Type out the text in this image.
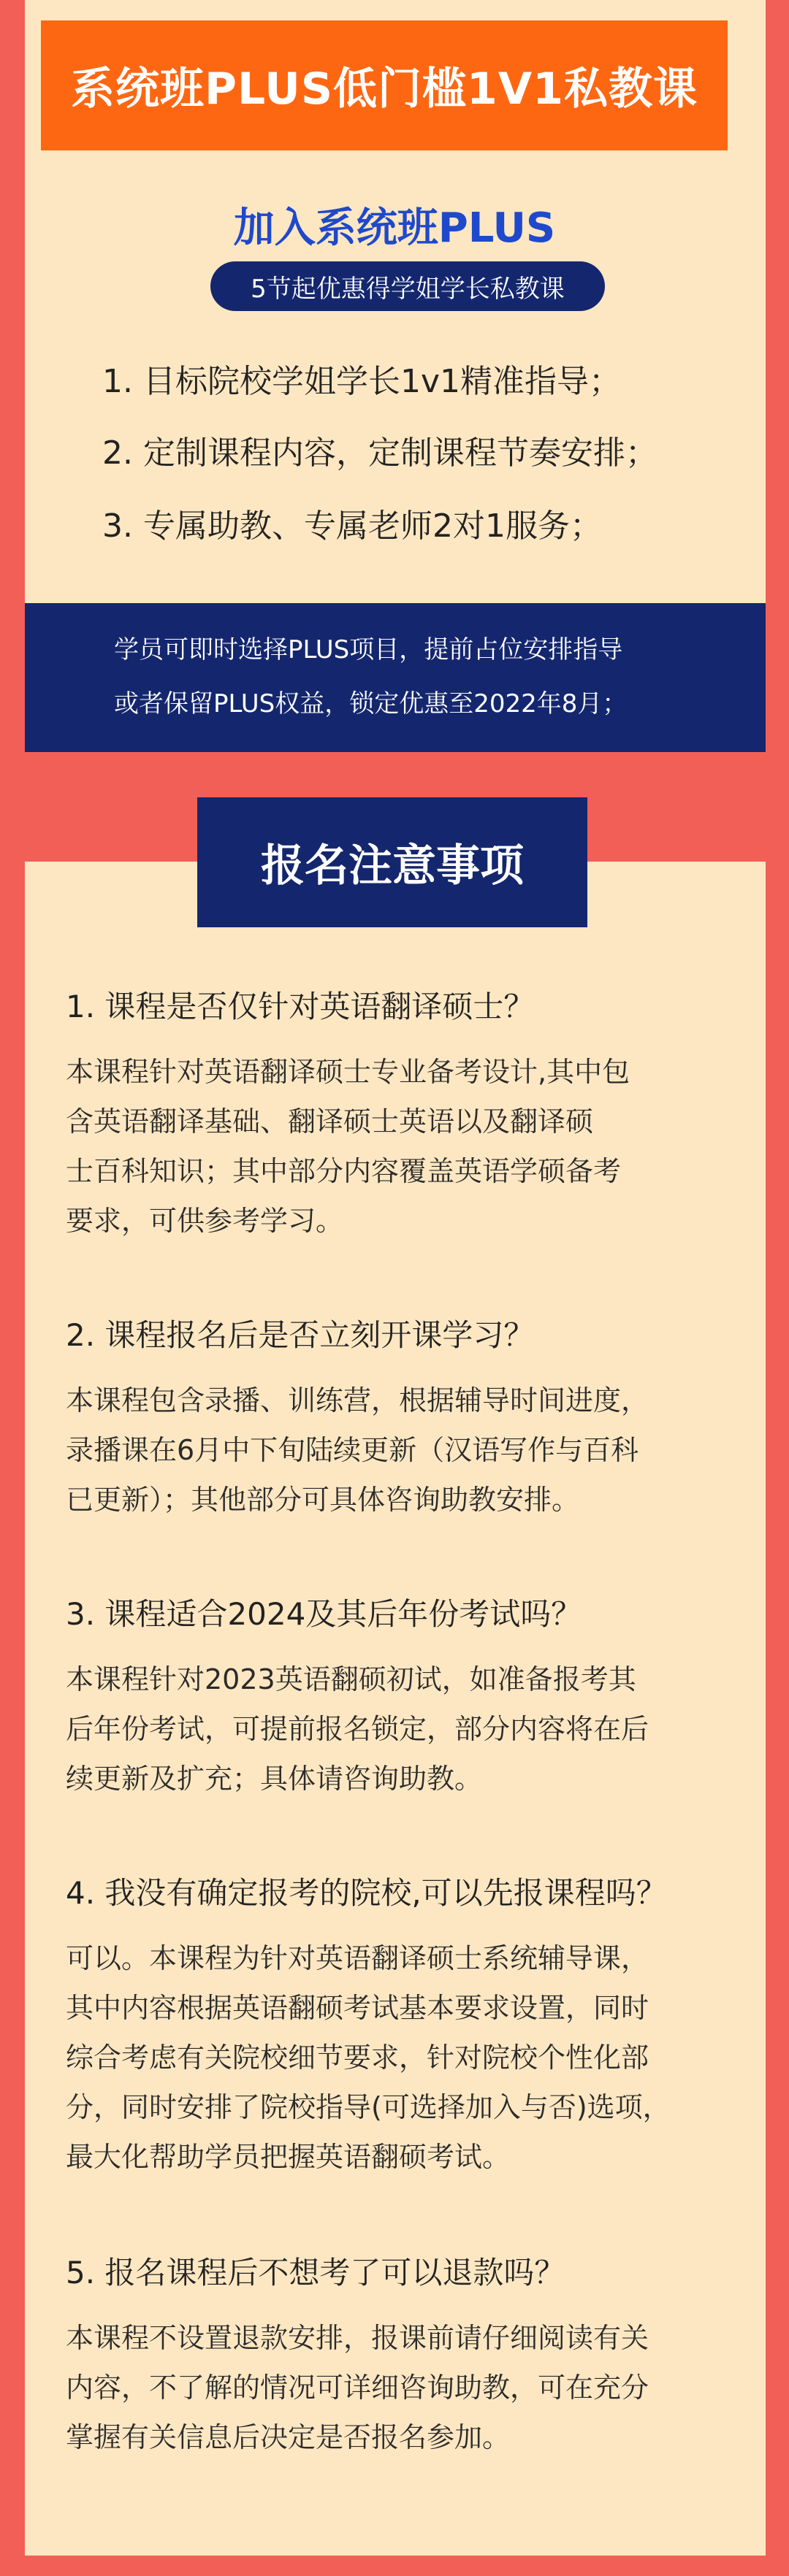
系统班PLUS低门槛1V1私教课
加入系统班PLUS
5节起优惠得学姐学长私教课
1. 目标院校学姐学长1v1精准指导；
2. 定制课程内容，定制课程节奏安排；
3. 专属助教、专属老师2对1服务；
学员可即时选择PLUS项目，提前占位安排指导
或者保留PLUS权益，锁定优惠至2022年8月；
报名注意事项
1. 课程是否仅针对英语翻译硕士？
本课程针对英语翻译硕士专业备考设计,其中包
含英语翻译基础、翻译硕士英语以及翻译硕
士百科知识；其中部分内容覆盖英语学硕备考
要求，可供参考学习。
2. 课程报名后是否立刻开课学习？
本课程包含录播、训练营，根据辅导时间进度，
录播课在6月中下旬陆续更新（汉语写作与百科
已更新）；其他部分可具体咨询助教安排。
3. 课程适合2024及其后年份考试吗？
本课程针对2023英语翻硕初试，如准备报考其
后年份考试，可提前报名锁定，部分内容将在后
续更新及扩充；具体请咨询助教。
4. 我没有确定报考的院校,可以先报课程吗？
可以。本课程为针对英语翻译硕士系统辅导课，
其中内容根据英语翻硕考试基本要求设置，同时
综合考虑有关院校细节要求，针对院校个性化部
分，同时安排了院校指导(可选择加入与否)选项，
最大化帮助学员把握英语翻硕考试。
5. 报名课程后不想考了可以退款吗？
本课程不设置退款安排，报课前请仔细阅读有关
内容，不了解的情况可详细咨询助教，可在充分
掌握有关信息后决定是否报名参加。
